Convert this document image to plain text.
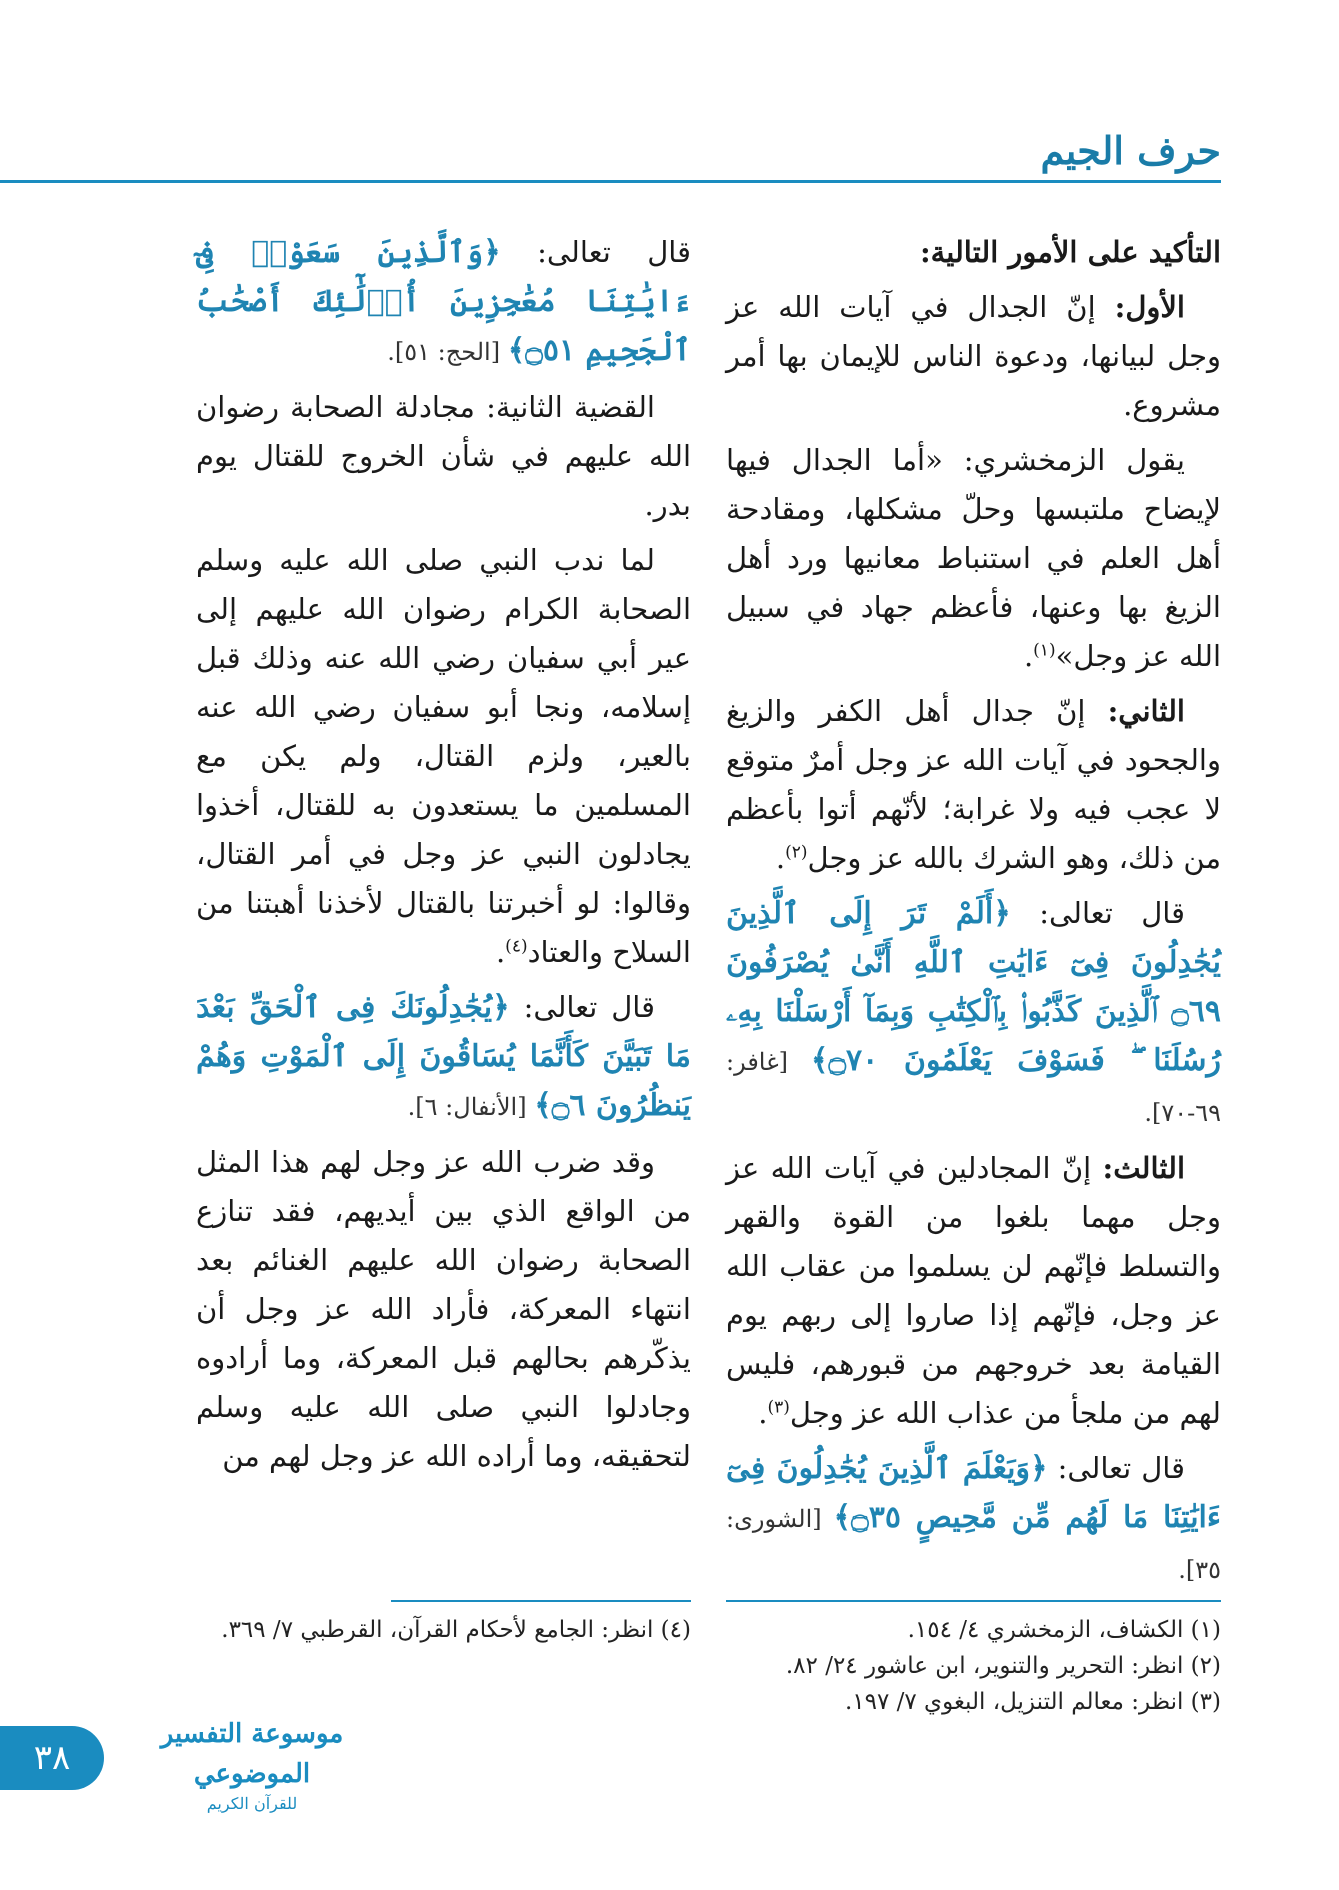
حرف الجيم

التأكيد على الأمور التالية:

الأول: إنّ الجدال في آيات الله عز وجل لبيانها، ودعوة الناس للإيمان بها أمر مشروع.

يقول الزمخشري: «أما الجدال فيها لإيضاح ملتبسها وحلّ مشكلها، ومقادحة أهل العلم في استنباط معانيها ورد أهل الزيغ بها وعنها، فأعظم جهاد في سبيل الله عز وجل»$^{(١)}$.

الثاني: إنّ جدال أهل الكفر والزيغ والجحود في آيات الله عز وجل أمرٌ متوقع لا عجب فيه ولا غرابة؛ لأنّهم أتوا بأعظم من ذلك، وهو الشرك بالله عز وجل$^{(٢)}$.

قال تعالى: ﴿أَلَمْ تَرَ إِلَى ٱلَّذِينَ يُجَٰدِلُونَ فِىٓ ءَايَٰتِ ٱللَّهِ أَنَّىٰ يُصْرَفُونَ ۝٦٩ ٱلَّذِينَ كَذَّبُوا۟ بِٱلْكِتَٰبِ وَبِمَآ أَرْسَلْنَا بِهِۦ رُسُلَنَا ۖ فَسَوْفَ يَعْلَمُونَ ۝٧٠﴾ [غافر: ٦٩-٧٠].

الثالث: إنّ المجادلين في آيات الله عز وجل مهما بلغوا من القوة والقهر والتسلط فإنّهم لن يسلموا من عقاب الله عز وجل، فإنّهم إذا صاروا إلى ربهم يوم القيامة بعد خروجهم من قبورهم، فليس لهم من ملجأ من عذاب الله عز وجل$^{(٣)}$.

قال تعالى: ﴿وَيَعْلَمَ ٱلَّذِينَ يُجَٰدِلُونَ فِىٓ ءَايَٰتِنَا مَا لَهُم مِّن مَّحِيصٍ ۝٣٥﴾ [الشورى: ٣٥].

قال تعالى: ﴿وَٱلَّذِينَ سَعَوْا۟ فِىٓ ءَايَٰتِنَا مُعَٰجِزِينَ أُو۟لَٰٓئِكَ أَصْحَٰبُ ٱلْجَحِيمِ ۝٥١﴾ [الحج: ٥١].

القضية الثانية: مجادلة الصحابة رضوان الله عليهم في شأن الخروج للقتال يوم بدر.

لما ندب النبي صلى الله عليه وسلم الصحابة الكرام رضوان الله عليهم إلى عير أبي سفيان رضي الله عنه وذلك قبل إسلامه، ونجا أبو سفيان رضي الله عنه بالعير، ولزم القتال، ولم يكن مع المسلمين ما يستعدون به للقتال، أخذوا يجادلون النبي عز وجل في أمر القتال، وقالوا: لو أخبرتنا بالقتال لأخذنا أهبتنا من السلاح والعتاد$^{(٤)}$.

قال تعالى: ﴿يُجَٰدِلُونَكَ فِى ٱلْحَقِّ بَعْدَ مَا تَبَيَّنَ كَأَنَّمَا يُسَاقُونَ إِلَى ٱلْمَوْتِ وَهُمْ يَنظُرُونَ ۝٦﴾ [الأنفال: ٦].

وقد ضرب الله عز وجل لهم هذا المثل من الواقع الذي بين أيديهم، فقد تنازع الصحابة رضوان الله عليهم الغنائم بعد انتهاء المعركة، فأراد الله عز وجل أن يذكّرهم بحالهم قبل المعركة، وما أرادوه وجادلوا النبي صلى الله عليه وسلم لتحقيقه، وما أراده الله عز وجل لهم من

(١) الكشاف، الزمخشري ٤/ ١٥٤.

(٢) انظر: التحرير والتنوير، ابن عاشور ٢٤/ ٨٢.

(٣) انظر: معالم التنزيل، البغوي ٧/ ١٩٧.

(٤) انظر: الجامع لأحكام القرآن، القرطبي ٧/ ٣٦٩.

٣٨
موسوعة التفسير الموضوعي
للقرآن الكريم
